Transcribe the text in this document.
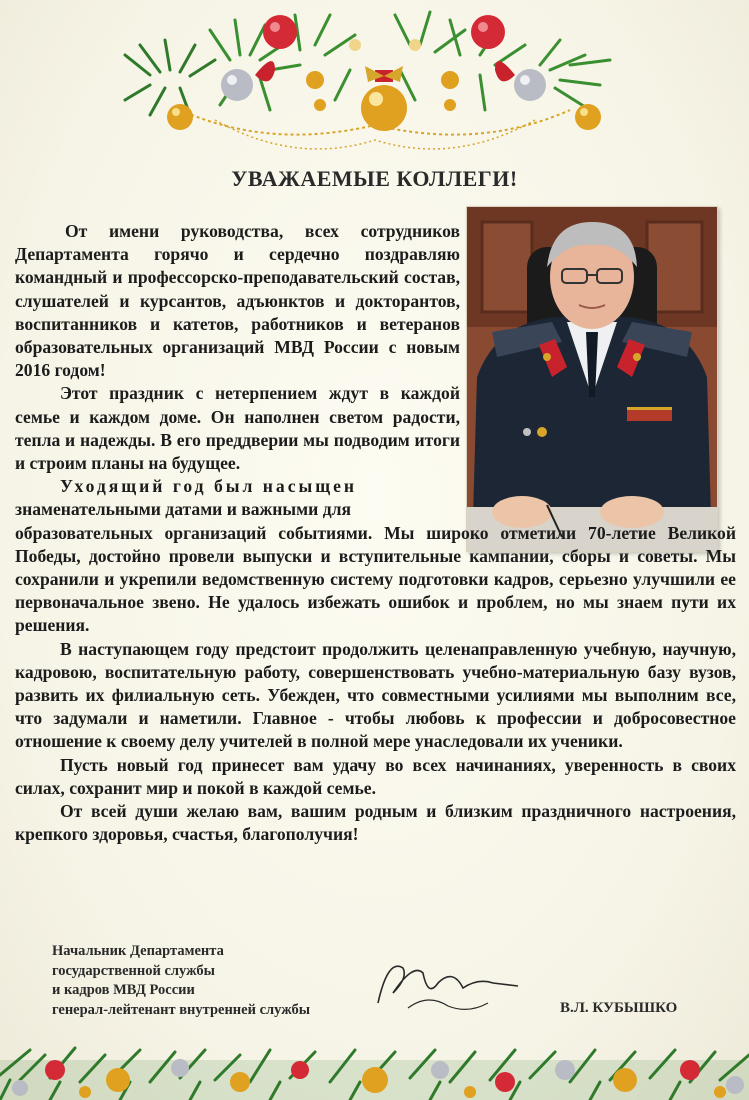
УВАЖАЕМЫЕ КОЛЛЕГИ!

От имени руководства, всех сотрудников Департамента горячо и сердечно поздравляю командный и профессорско-преподавательский состав, слушателей и курсантов, адъюнктов и докторантов, воспитанников и катетов, работников и ветеранов образовательных организаций МВД России с новым 2016 годом!

Этот праздник с нетерпением ждут в каждой семье и каждом доме. Он наполнен светом радости, тепла и надежды. В его преддверии мы подводим итоги и строим планы на будущее.

Уходящий год был насыщен

знаменательными датами и важными для

образовательных организаций событиями. Мы широко отметили 70-летие Великой Победы, достойно провели выпуски и вступительные кампании, сборы и советы. Мы сохранили и укрепили ведомственную систему подготовки кадров, серьезно улучшили ее первоначальное звено. Не удалось избежать ошибок и проблем, но мы знаем пути их решения.

В наступающем году предстоит продолжить целенаправленную учебную, научную, кадровою, воспитательную работу, совершенствовать учебно-материальную базу вузов, развить их филиальную сеть. Убежден, что совместными усилиями мы выполним все, что задумали и наметили. Главное - чтобы любовь к профессии и добросовестное отношение к своему делу учителей в полной мере унаследовали их ученики.

Пусть новый год принесет вам удачу во всех начинаниях, уверенность в своих силах, сохранит мир и покой в каждой семье.

От всей души желаю вам, вашим родным и близким праздничного настроения, крепкого здоровья, счастья, благополучия!

Начальник Департамента
государственной службы
и кадров МВД России
генерал-лейтенант внутренней службы	В.Л. КУБЫШКО
